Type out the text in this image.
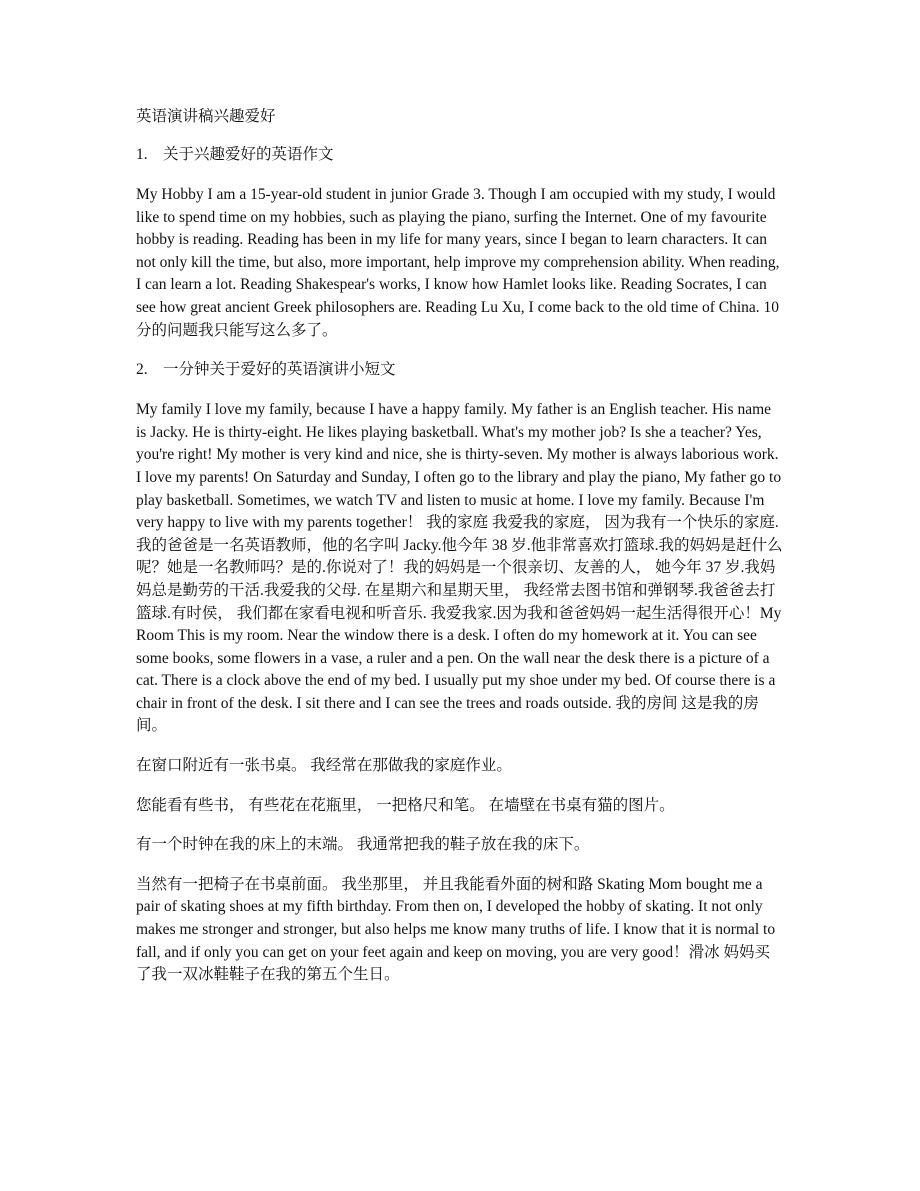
英语演讲稿兴趣爱好
1. 关于兴趣爱好的英语作文
My Hobby I am a 15-year-old student in junior Grade 3. Though I am occupied with my study, I would like to spend time on my hobbies, such as playing the piano, surfing the Internet. One of my favourite hobby is reading. Reading has been in my life for many years, since I began to learn characters. It can not only kill the time, but also, more important, help improve my comprehension ability. When reading, I can learn a lot. Reading Shakespear's works, I know how Hamlet looks like. Reading Socrates, I can see how great ancient Greek philosophers are. Reading Lu Xu, I come back to the old time of China. 10 分的问题我只能写这么多了。
2. 一分钟关于爱好的英语演讲小短文
My family I love my family, because I have a happy family. My father is an English teacher. His name is Jacky. He is thirty-eight. He likes playing basketball. What's my mother job? Is she a teacher? Yes, you're right! My mother is very kind and nice, she is thirty-seven. My mother is always laborious work. I love my parents! On Saturday and Sunday, I often go to the library and play the piano, My father go to play basketball. Sometimes, we watch TV and listen to music at home. I love my family. Because I'm very happy to live with my parents together！ 我的家庭 我爱我的家庭， 因为我有一个快乐的家庭. 我的爸爸是一名英语教师，他的名字叫 Jacky.他今年 38 岁.他非常喜欢打篮球.我的妈妈是赶什么呢？她是一名教师吗？是的.你说对了！我的妈妈是一个很亲切、友善的人， 她今年 37 岁.我妈妈总是勤劳的干活.我爱我的父母. 在星期六和星期天里， 我经常去图书馆和弹钢琴.我爸爸去打篮球.有时侯， 我们都在家看电视和听音乐. 我爱我家.因为我和爸爸妈妈一起生活得很开心！My Room This is my room. Near the window there is a desk. I often do my homework at it. You can see some books, some flowers in a vase, a ruler and a pen. On the wall near the desk there is a picture of a cat. There is a clock above the end of my bed. I usually put my shoe under my bed. Of course there is a chair in front of the desk. I sit there and I can see the trees and roads outside. 我的房间 这是我的房间。
在窗口附近有一张书桌。 我经常在那做我的家庭作业。
您能看有些书， 有些花在花瓶里， 一把格尺和笔。 在墙壁在书桌有猫的图片。
有一个时钟在我的床上的末端。 我通常把我的鞋子放在我的床下。
当然有一把椅子在书桌前面。 我坐那里， 并且我能看外面的树和路 Skating Mom bought me a pair of skating shoes at my fifth birthday. From then on, I developed the hobby of skating. It not only makes me stronger and stronger, but also helps me know many truths of life. I know that it is normal to fall, and if only you can get on your feet again and keep on moving, you are very good！滑冰 妈妈买了我一双冰鞋鞋子在我的第五个生日。
